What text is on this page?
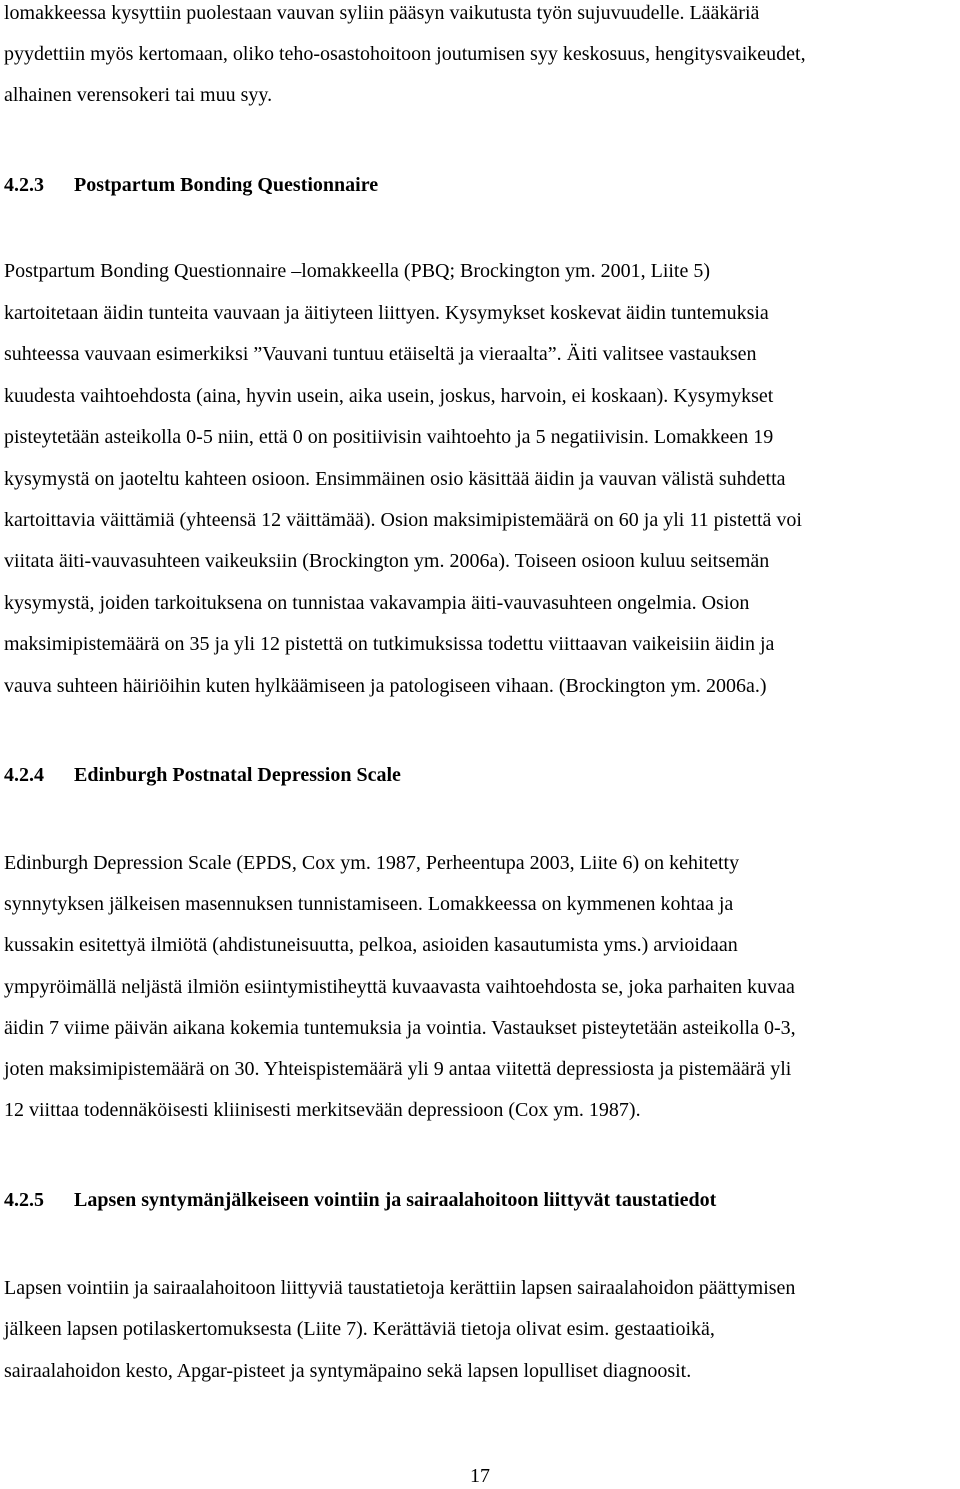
lomakkeessa kysyttiin puolestaan vauvan syliin pääsyn vaikutusta työn sujuvuudelle. Lääkäriä
pyydettiin myös kertomaan, oliko teho-osastohoitoon joutumisen syy keskosuus, hengitysvaikeudet,
alhainen verensokeri tai muu syy.
4.2.3 Postpartum Bonding Questionnaire
Postpartum Bonding Questionnaire –lomakkeella (PBQ; Brockington ym. 2001, Liite 5)
kartoitetaan äidin tunteita vauvaan ja äitiyteen liittyen. Kysymykset koskevat äidin tuntemuksia
suhteessa vauvaan esimerkiksi ”Vauvani tuntuu etäiseltä ja vieraalta”. Äiti valitsee vastauksen
kuudesta vaihtoehdosta (aina, hyvin usein, aika usein, joskus, harvoin, ei koskaan). Kysymykset
pisteytetään asteikolla 0-5 niin, että 0 on positiivisin vaihtoehto ja 5 negatiivisin. Lomakkeen 19
kysymystä on jaoteltu kahteen osioon. Ensimmäinen osio käsittää äidin ja vauvan välistä suhdetta
kartoittavia väittämiä (yhteensä 12 väittämää). Osion maksimipistemäärä on 60 ja yli 11 pistettä voi
viitata äiti-vauvasuhteen vaikeuksiin (Brockington ym. 2006a). Toiseen osioon kuluu seitsemän
kysymystä, joiden tarkoituksena on tunnistaa vakavampia äiti-vauvasuhteen ongelmia. Osion
maksimipistemäärä on 35 ja yli 12 pistettä on tutkimuksissa todettu viittaavan vaikeisiin äidin ja
vauva suhteen häiriöihin kuten hylkäämiseen ja patologiseen vihaan. (Brockington ym. 2006a.)
4.2.4 Edinburgh Postnatal Depression Scale
Edinburgh Depression Scale (EPDS, Cox ym. 1987, Perheentupa 2003, Liite 6) on kehitetty
synnytyksen jälkeisen masennuksen tunnistamiseen. Lomakkeessa on kymmenen kohtaa ja
kussakin esitettyä ilmiötä (ahdistuneisuutta, pelkoa, asioiden kasautumista yms.) arvioidaan
ympyröimällä neljästä ilmiön esiintymistiheyttä kuvaavasta vaihtoehdosta se, joka parhaiten kuvaa
äidin 7 viime päivän aikana kokemia tuntemuksia ja vointia. Vastaukset pisteytetään asteikolla 0-3,
joten maksimipistemäärä on 30. Yhteispistemäärä yli 9 antaa viitettä depressiosta ja pistemäärä yli
12 viittaa todennäköisesti kliinisesti merkitsevään depressioon (Cox ym. 1987).
4.2.5 Lapsen syntymänjälkeiseen vointiin ja sairaalahoitoon liittyvät taustatiedot
Lapsen vointiin ja sairaalahoitoon liittyviä taustatietoja kerättiin lapsen sairaalahoidon päättymisen
jälkeen lapsen potilaskertomuksesta (Liite 7). Kerättäviä tietoja olivat esim. gestaatioikä,
sairaalahoidon kesto, Apgar-pisteet ja syntymäpaino sekä lapsen lopulliset diagnoosit.
17
